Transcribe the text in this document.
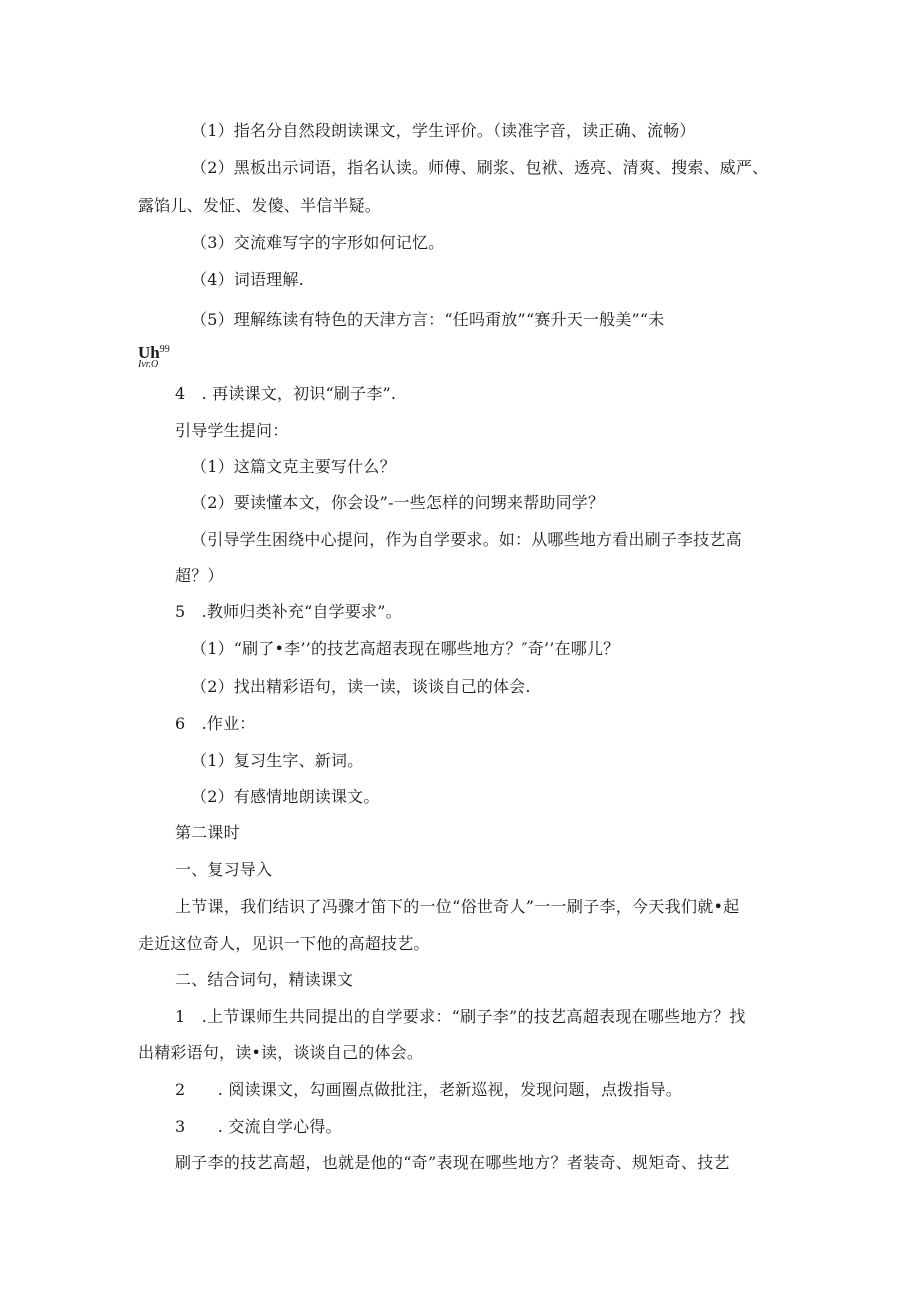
（1）指名分自然段朗读课文，学生评价。（读准字音，读正确、流畅）
（2）黑板出示词语，指名认读。师傅、刷浆、包袱、透亮、清爽、搜索、威严、
露馅儿、发怔、发傻、半信半疑。
（3）交流难写字的字形如何记忆。
（4）词语理解.
（5）理解练读有特色的天津方言：“任吗甭放”“赛升天一般美”“未
Uh$^{99}$
Ivr.O
4　. 再读课文，初识“刷子李”.
引导学生提问：
（1）这篇文克主要写什么？
（2）要读懂本文，你会设”-一些怎样的问甥来帮助同学？
（引导学生困绕中心提问，作为自学要求。如：从哪些地方看出刷子李技艺高
超？）
5　.教师归类补充“自学要求”。
（1）“刷了•李’’的技艺高超表现在哪些地方？″奇’’在哪儿？
（2）找出精彩语句，读一读，谈谈自己的体会.
6　.作业：
（1）复习生字、新词。
（2）有感情地朗读课文。
第二课时
一、复习导入
上节课，我们结识了冯骤才笛下的一位“俗世奇人”一一刷子李，今天我们就•起
走近这位奇人，见识一下他的高超技艺。
二、结合词句，精读课文
1　.上节课师生共同提出的自学要求：“刷子李”的技艺高超表现在哪些地方？找
出精彩语句，读•读，谈谈自己的体会。
2　　. 阅读课文，勾画圈点做批注，老新巡视，发现问题，点拨指导。
3　　. 交流自学心得。
刷子李的技艺高超，也就是他的“奇”表现在哪些地方？者装奇、规矩奇、技艺
